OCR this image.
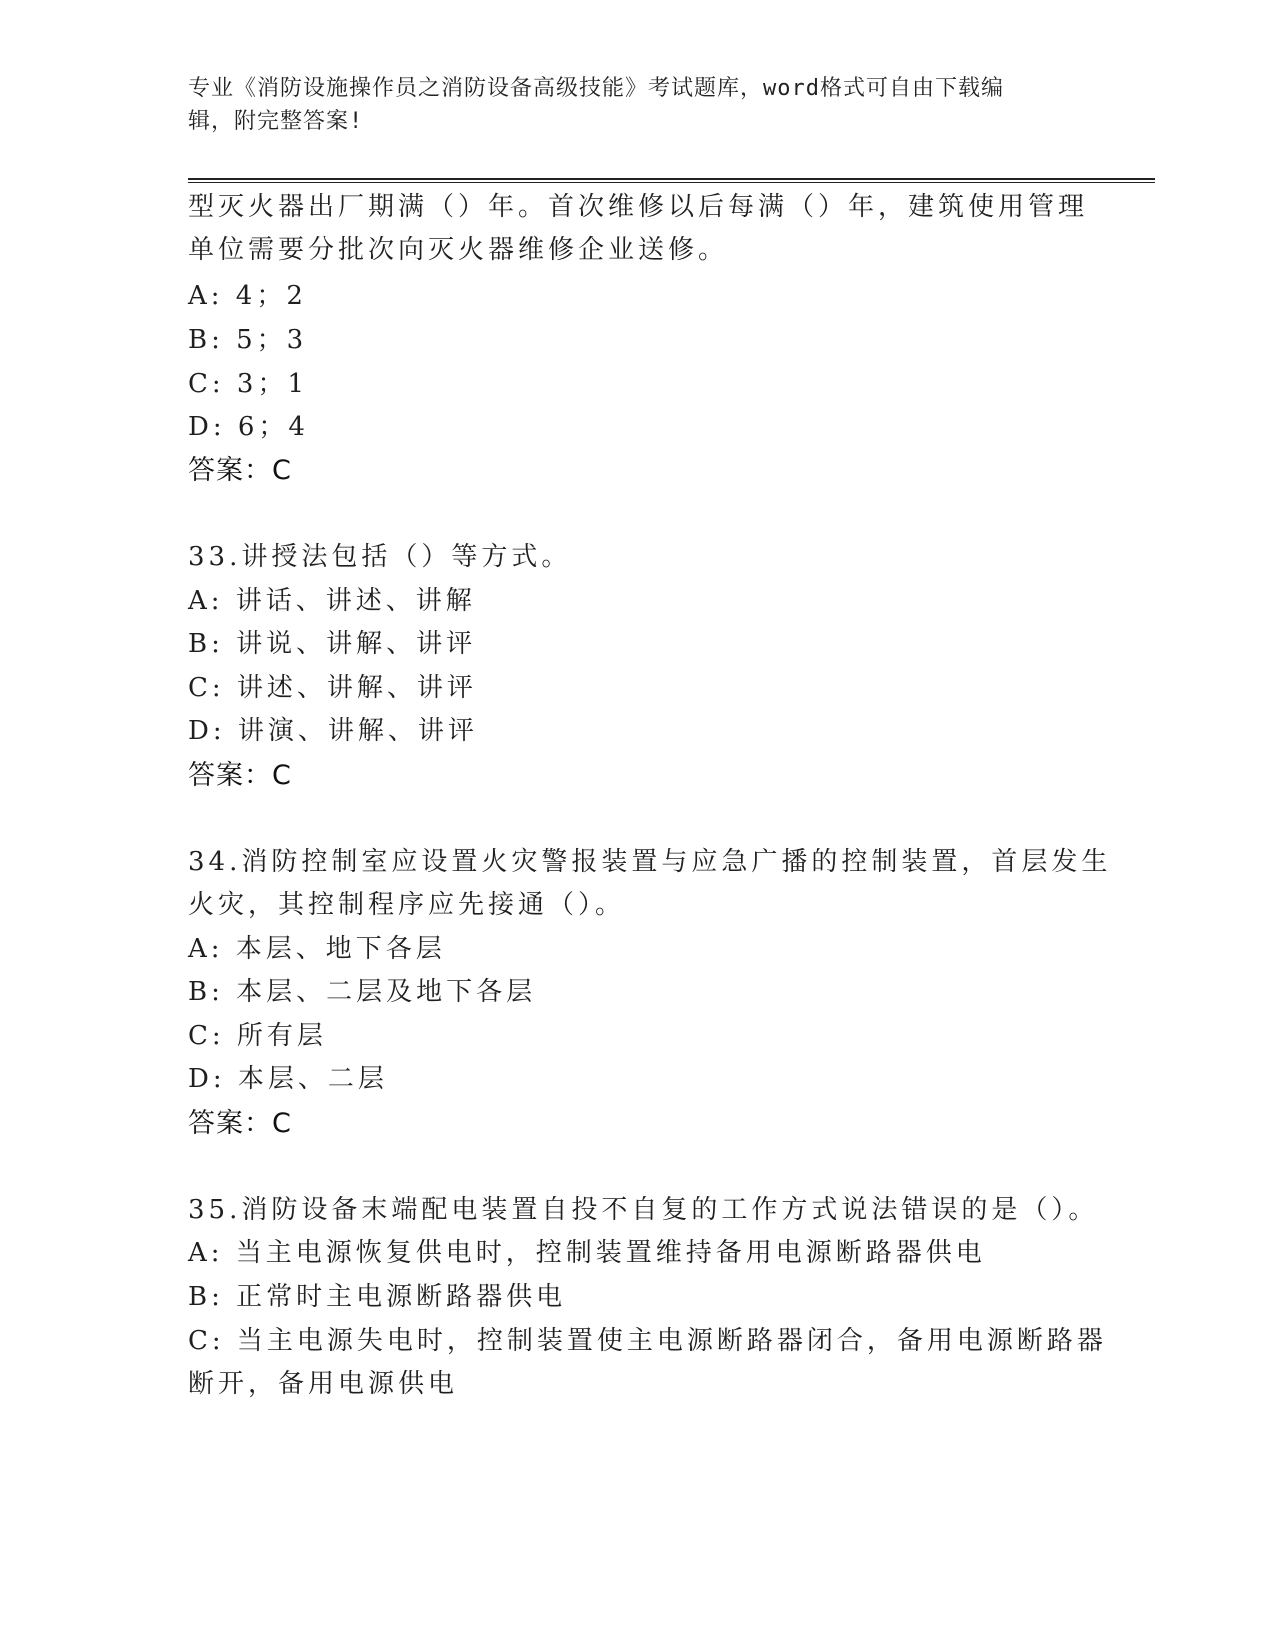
专业《消防设施操作员之消防设备高级技能》考试题库，word格式可自由下载编
辑，附完整答案!
型灭火器出厂期满（）年。首次维修以后每满（）年，建筑使用管理
单位需要分批次向灭火器维修企业送修。
A: 4；2
B: 5；3
C: 3；1
D: 6；4
答案：C
33.讲授法包括（）等方式。
A: 讲话、讲述、讲解
B: 讲说、讲解、讲评
C: 讲述、讲解、讲评
D: 讲演、讲解、讲评
答案：C
34.消防控制室应设置火灾警报装置与应急广播的控制装置，首层发生
火灾，其控制程序应先接通（）。
A: 本层、地下各层
B: 本层、二层及地下各层
C: 所有层
D: 本层、二层
答案：C
35.消防设备末端配电装置自投不自复的工作方式说法错误的是（）。
A: 当主电源恢复供电时，控制装置维持备用电源断路器供电
B: 正常时主电源断路器供电
C: 当主电源失电时，控制装置使主电源断路器闭合，备用电源断路器
断开，备用电源供电
